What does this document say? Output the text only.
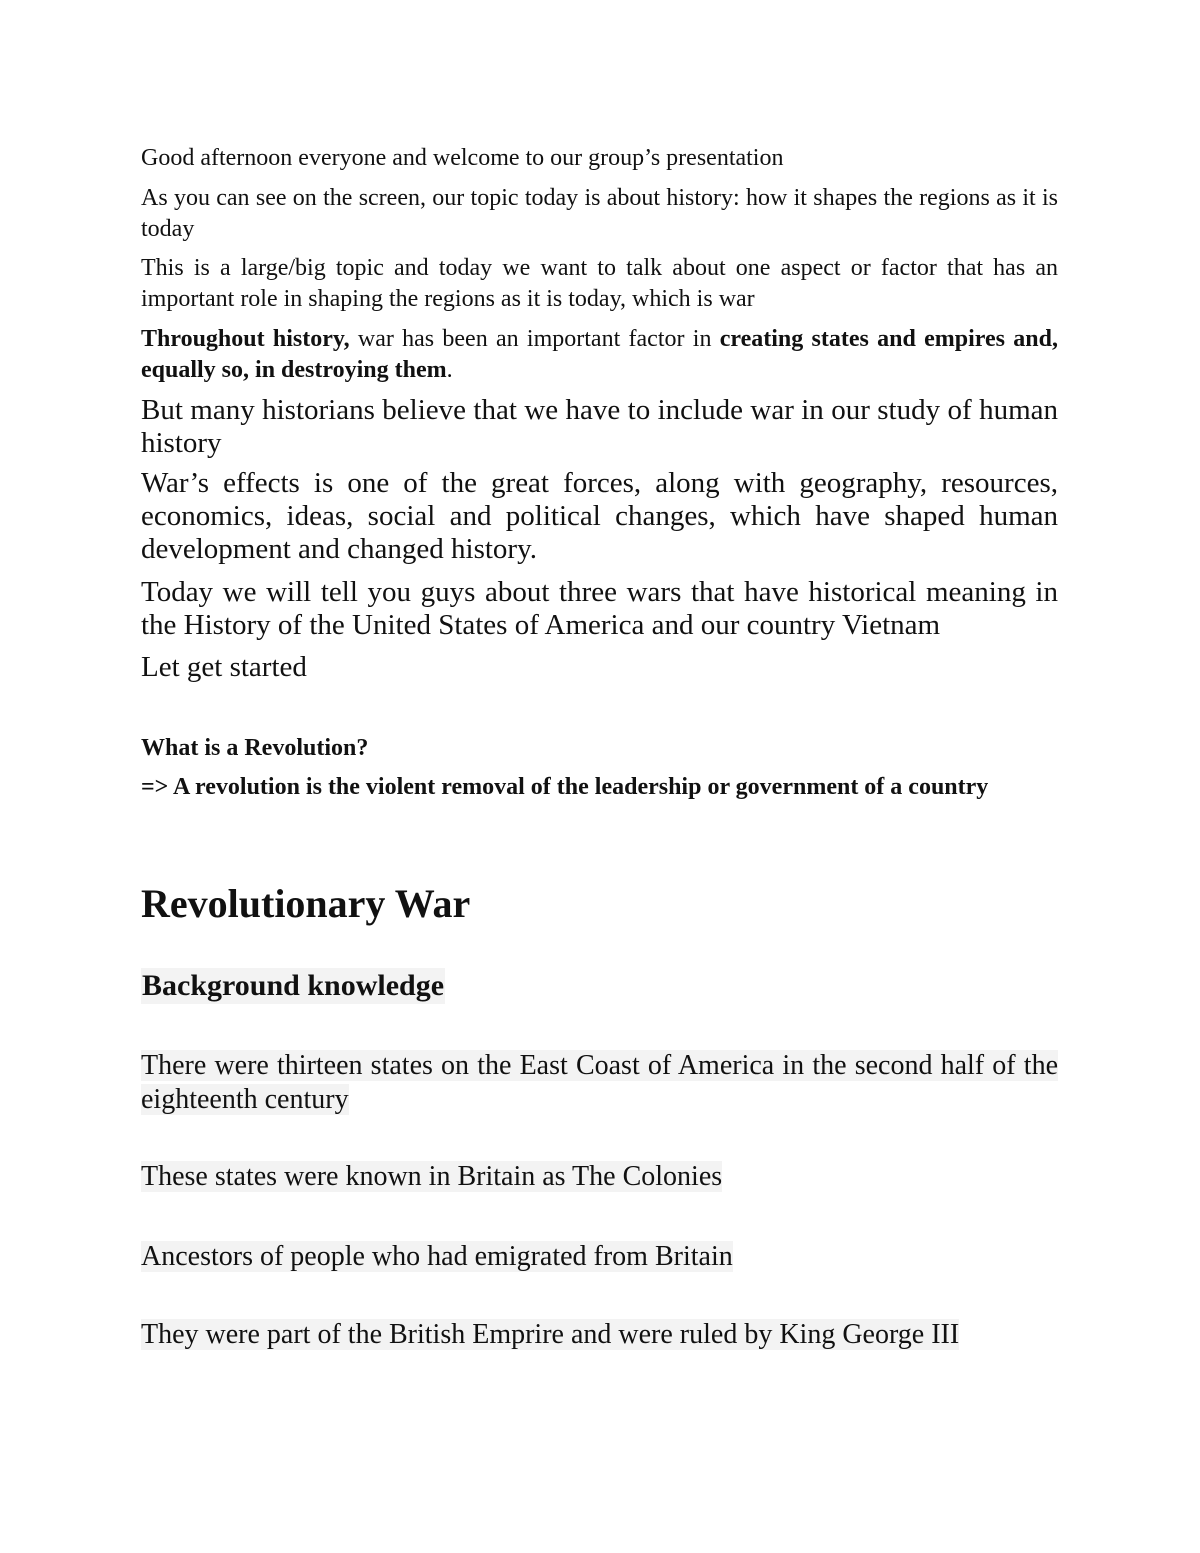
Good afternoon everyone and welcome to our group’s presentation

As you can see on the screen, our topic today is about history: how it shapes the regions as it is today

This is a large/big topic and today we want to talk about one aspect or factor that has an important role in shaping the regions as it is today, which is war

Throughout history, war has been an important factor in creating states and empires and, equally so, in destroying them.

But many historians believe that we have to include war in our study of human history

War’s effects is one of the great forces, along with geography, resources, economics, ideas, social and political changes, which have shaped human development and changed history.

Today we will tell you guys about three wars that have historical meaning in the History of the United States of America and our country Vietnam

Let get started

What is a Revolution?

=> A revolution is the violent removal of the leadership or government of a country

Revolutionary War
Background knowledge

There were thirteen states on the East Coast of America in the second half of the eighteenth century

These states were known in Britain as The Colonies

Ancestors of people who had emigrated from Britain

They were part of the British Emprire and were ruled by King George III
